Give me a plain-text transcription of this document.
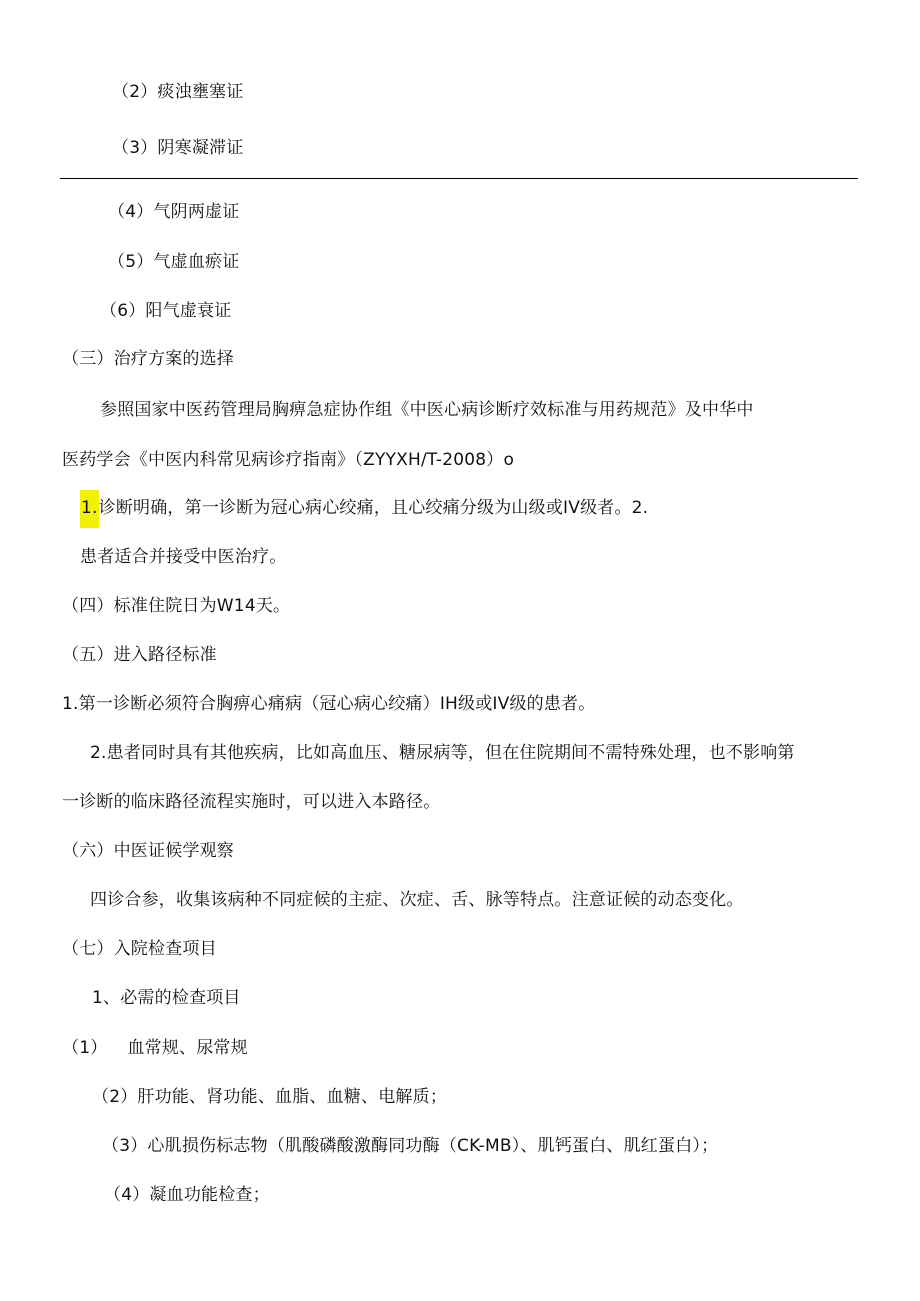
（2）痰浊壅塞证
（3）阴寒凝滞证
（4）气阴两虚证
（5）气虚血瘀证
（6）阳气虚衰证
（三）治疗方案的选择
参照国家中医药管理局胸痹急症协作组《中医心病诊断疗效标准与用药规范》及中华中
医药学会《中医内科常见病诊疗指南》（ZYYXH/T-2008）o
1.诊断明确，第一诊断为冠心病心绞痛，且心绞痛分级为山级或IV级者。2.
患者适合并接受中医治疗。
（四）标准住院日为W14天。
（五）进入路径标准
1.第一诊断必须符合胸痹心痛病（冠心病心绞痛）IH级或IV级的患者。
2.患者同时具有其他疾病，比如高血压、糖尿病等，但在住院期间不需特殊处理，也不影响第
一诊断的临床路径流程实施时，可以进入本路径。
（六）中医证候学观察
四诊合参，收集该病种不同症候的主症、次症、舌、脉等特点。注意证候的动态变化。
（七）入院检查项目
1、必需的检查项目
（1） 血常规、尿常规
（2）肝功能、肾功能、血脂、血糖、电解质；
（3）心肌损伤标志物（肌酸磷酸激酶同功酶（CK-MB）、肌钙蛋白、肌红蛋白）；
（4）凝血功能检查；
